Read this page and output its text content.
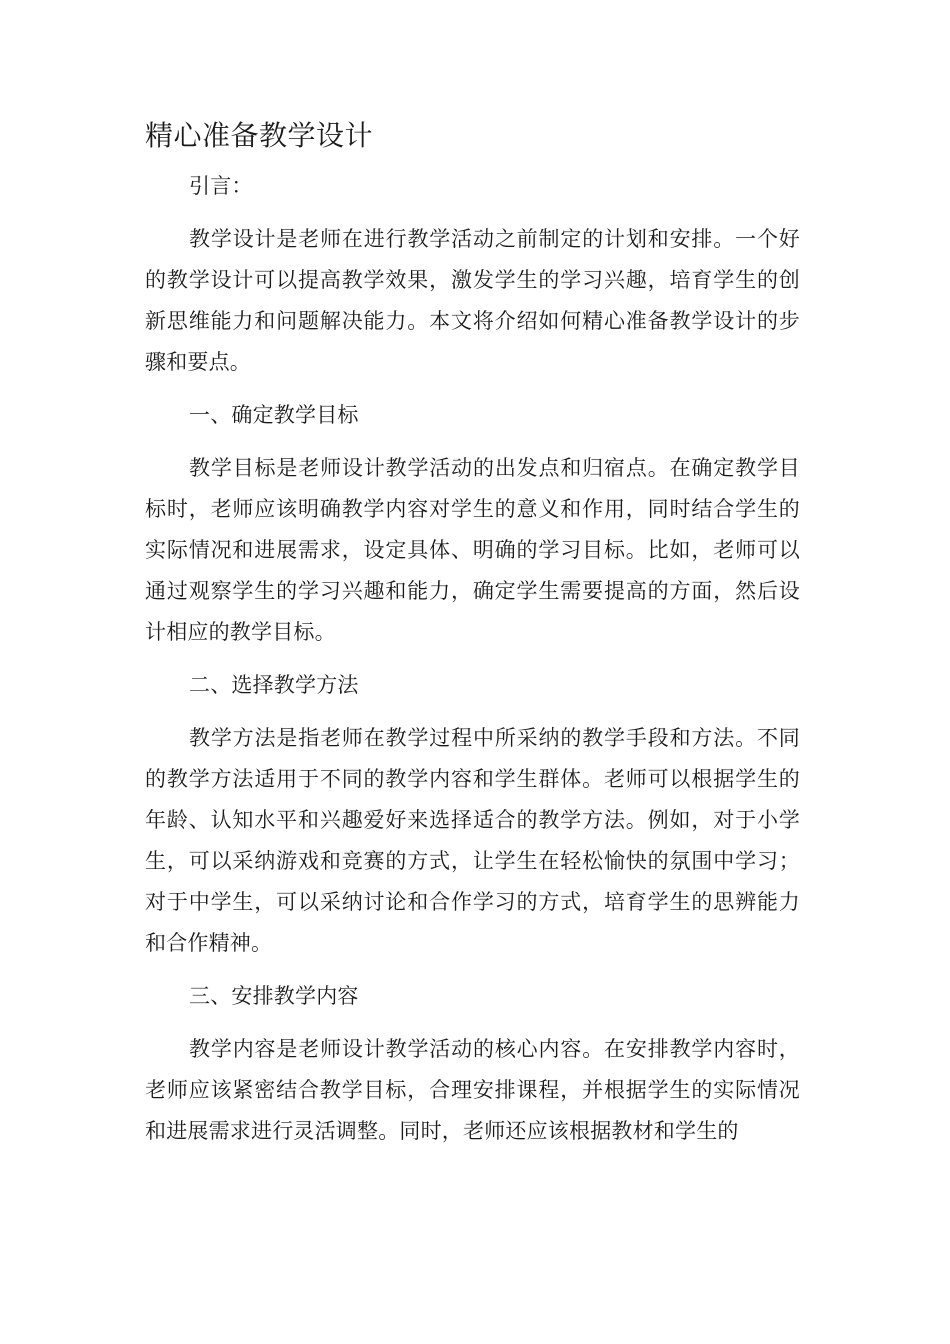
精心准备教学设计

引言：

教学设计是老师在进行教学活动之前制定的计划和安排。一个好的教学设计可以提高教学效果，激发学生的学习兴趣，培育学生的创新思维能力和问题解决能力。本文将介绍如何精心准备教学设计的步骤和要点。

一、确定教学目标

教学目标是老师设计教学活动的出发点和归宿点。在确定教学目标时，老师应该明确教学内容对学生的意义和作用，同时结合学生的实际情况和进展需求，设定具体、明确的学习目标。比如，老师可以通过观察学生的学习兴趣和能力，确定学生需要提高的方面，然后设计相应的教学目标。

二、选择教学方法

教学方法是指老师在教学过程中所采纳的教学手段和方法。不同的教学方法适用于不同的教学内容和学生群体。老师可以根据学生的年龄、认知水平和兴趣爱好来选择适合的教学方法。例如，对于小学生，可以采纳游戏和竞赛的方式，让学生在轻松愉快的氛围中学习；对于中学生，可以采纳讨论和合作学习的方式，培育学生的思辨能力和合作精神。

三、安排教学内容

教学内容是老师设计教学活动的核心内容。在安排教学内容时，老师应该紧密结合教学目标，合理安排课程，并根据学生的实际情况和进展需求进行灵活调整。同时，老师还应该根据教材和学生的
